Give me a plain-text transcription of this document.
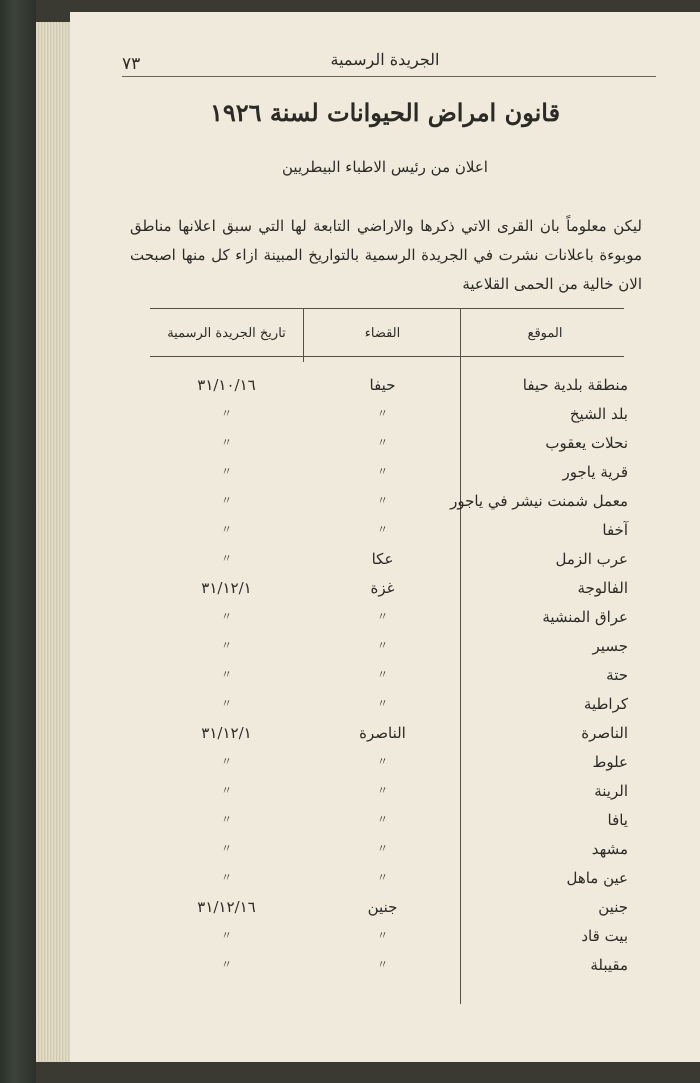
٧٣	الجريدة الرسمية
قانون امراض الحيوانات لسنة ١٩٢٦
اعلان من رئيس الاطباء البيطريين
ليكن معلوماً بان القرى الاتي ذكرها والاراضي التابعة لها التي سبق اعلانها مناطق موبوءة باعلانات نشرت في الجريدة الرسمية بالتواريخ المبينة ازاء كل منها اصبحت الان خالية من الحمى القلاعية
الموقع
القضاء
تاريخ الجريدة الرسمية
منطقة بلدية حيفا
حيفا
٣١/١٠/١٦
بلد الشيخ
〃
〃
نحلات يعقوب
〃
〃
قرية ياجور
〃
〃
معمل شمنت نيشر في ياجور
〃
〃
آخفا
〃
〃
عرب الزمل
عكا
〃
الفالوجة
غزة
٣١/١٢/١
عراق المنشية
〃
〃
جسير
〃
〃
حتة
〃
〃
كراطية
〃
〃
الناصرة
الناصرة
٣١/١٢/١
علوط
〃
〃
الرينة
〃
〃
يافا
〃
〃
مشهد
〃
〃
عين ماهل
〃
〃
جنين
جنين
٣١/١٢/١٦
بيت قاد
〃
〃
مقيبلة
〃
〃
